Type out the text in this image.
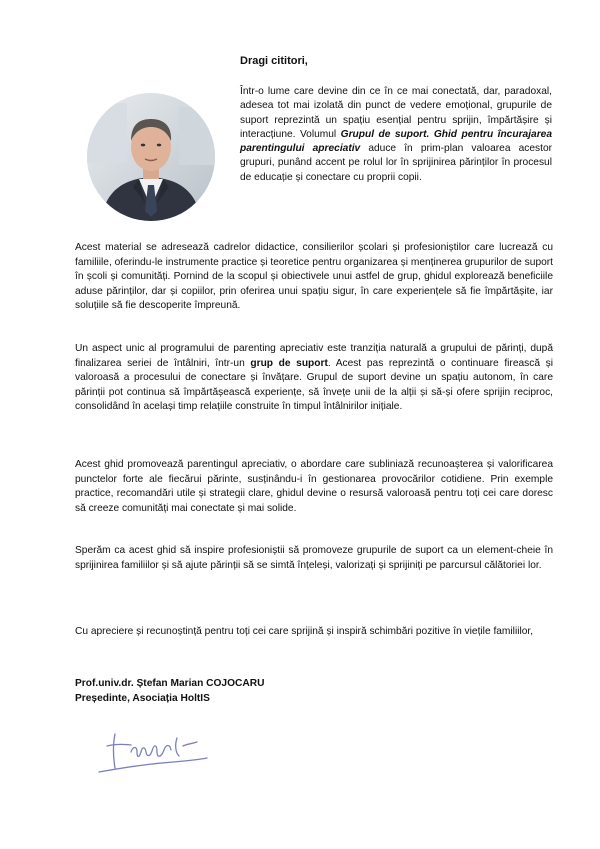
Dragi cititori,

Într-o lume care devine din ce în ce mai conectată, dar, paradoxal, adesea tot mai izolată din punct de vedere emoțional, grupurile de suport reprezintă un spațiu esențial pentru sprijin, împărtășire și interacțiune. Volumul Grupul de suport. Ghid pentru încurajarea parentingului apreciativ aduce în prim-plan valoarea acestor grupuri, punând accent pe rolul lor în sprijinirea părinților în procesul de educație și conectare cu proprii copii.

Acest material se adresează cadrelor didactice, consilierilor școlari și profesioniștilor care lucrează cu familiile, oferindu-le instrumente practice și teoretice pentru organizarea și menținerea grupurilor de suport în școli și comunități. Pornind de la scopul și obiectivele unui astfel de grup, ghidul explorează beneficiile aduse părinților, dar și copiilor, prin oferirea unui spațiu sigur, în care experiențele să fie împărtășite, iar soluțiile să fie descoperite împreună.

Un aspect unic al programului de parenting apreciativ este tranziția naturală a grupului de părinți, după finalizarea seriei de întâlniri, într-un grup de suport. Acest pas reprezintă o continuare firească și valoroasă a procesului de conectare și învățare. Grupul de suport devine un spațiu autonom, în care părinții pot continua să împărtășească experiențe, să învețe unii de la alții și să-și ofere sprijin reciproc, consolidând în același timp relațiile construite în timpul întâlnirilor inițiale.

Acest ghid promovează parentingul apreciativ, o abordare care subliniază recunoașterea și valorificarea punctelor forte ale fiecărui părinte, susținându-i în gestionarea provocărilor cotidiene. Prin exemple practice, recomandări utile și strategii clare, ghidul devine o resursă valoroasă pentru toți cei care doresc să creeze comunități mai conectate și mai solide.

Sperăm ca acest ghid să inspire profesioniștii să promoveze grupurile de suport ca un element-cheie în sprijinirea familiilor și să ajute părinții să se simtă înțeleși, valorizați și sprijiniți pe parcursul călătoriei lor.

Cu apreciere și recunoștință pentru toți cei care sprijină și inspiră schimbări pozitive în viețile familiilor,

Prof.univ.dr. Ștefan Marian COJOCARU

Președinte, Asociația HoltIS
